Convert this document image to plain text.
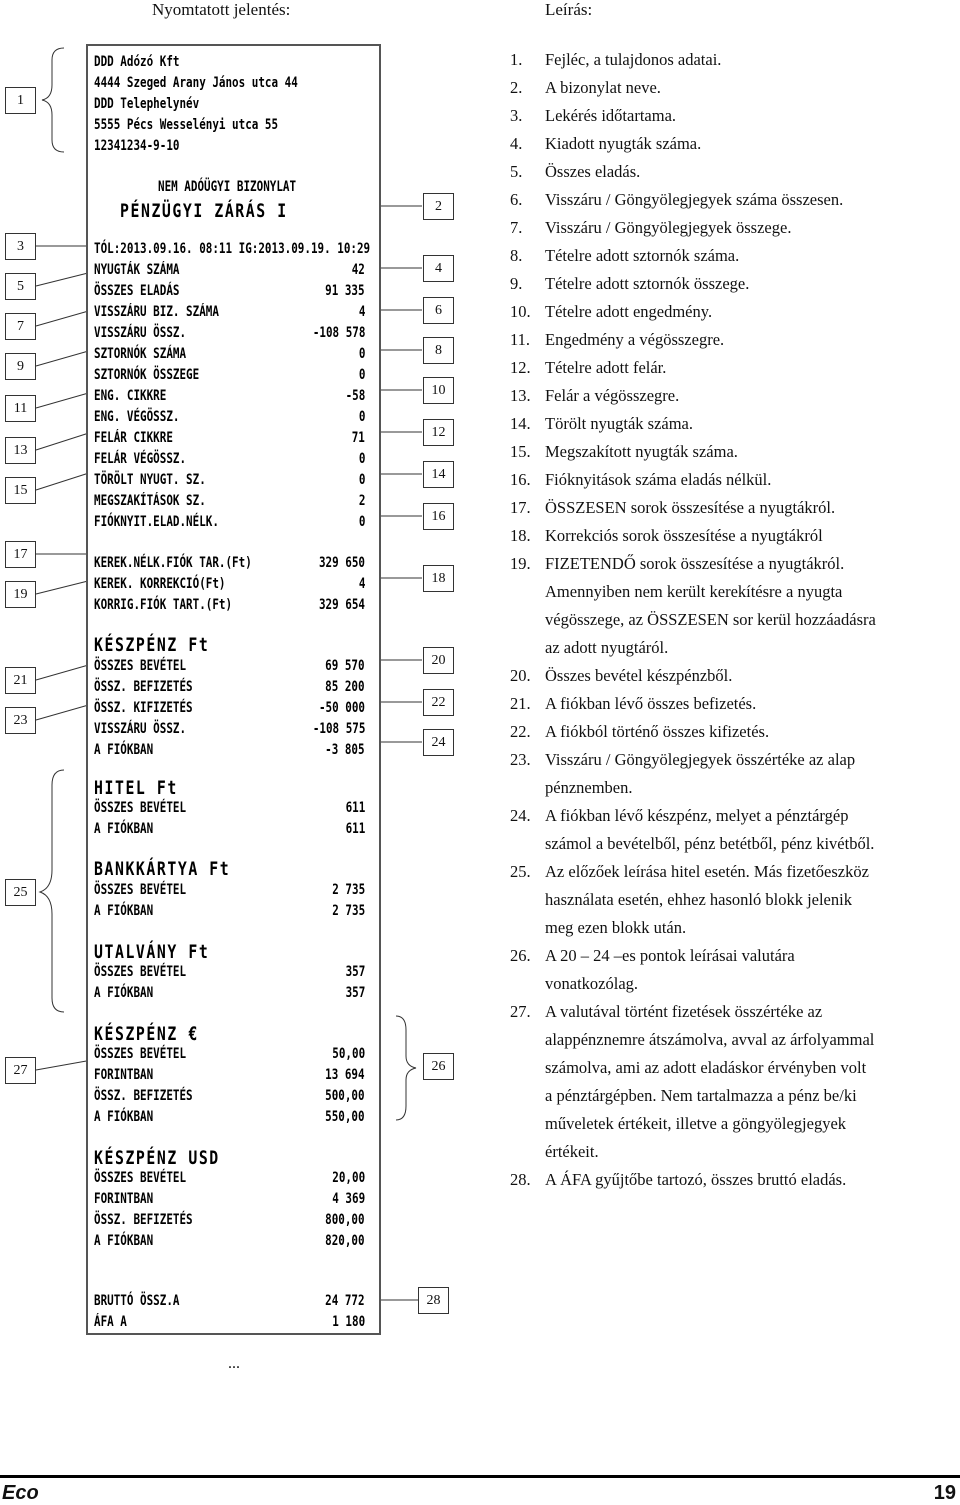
Nyomtatott jelentés:	Leírás:
1
3
5
7
9
11
13
15
17
19
21
23
25
27
2
4
6
8
10
12
14
16
18
20
22
24
26
28
DDD Adózó Kft
4444 Szeged Arany János utca 44
DDD Telephelynév
5555 Pécs Wesselényi utca 55
12341234-9-10
NEM ADÓÜGYI BIZONYLAT
PÉNZÜGYI ZÁRÁS I
TÓL:2013.09.16. 08:11 IG:2013.09.19. 10:29
NYUGTÁK SZÁMA	42
ÖSSZES ELADÁS	91 335
VISSZÁRU BIZ. SZÁMA	4
VISSZÁRU ÖSSZ.	-108 578
SZTORNÓK SZÁMA	0
SZTORNÓK ÖSSZEGE	0
ENG. CIKKRE	-58
ENG. VÉGÖSSZ.	0
FELÁR CIKKRE	71
FELÁR VÉGÖSSZ.	0
TÖRÖLT NYUGT. SZ.	0
MEGSZAKÍTÁSOK SZ.	2
FIÓKNYIT.ELAD.NÉLK.	0
KEREK.NÉLK.FIÓK TAR.(Ft)	329 650
KEREK. KORREKCIÓ(Ft)	4
KORRIG.FIÓK TART.(Ft)	329 654
KÉSZPÉNZ Ft
ÖSSZES BEVÉTEL	69 570
ÖSSZ. BEFIZETÉS	85 200
ÖSSZ. KIFIZETÉS	-50 000
VISSZÁRU ÖSSZ.	-108 575
A FIÓKBAN	-3 805
HITEL Ft
ÖSSZES BEVÉTEL	611
A FIÓKBAN	611
BANKKÁRTYA Ft
ÖSSZES BEVÉTEL	2 735
A FIÓKBAN	2 735
UTALVÁNY Ft
ÖSSZES BEVÉTEL	357
A FIÓKBAN	357
KÉSZPÉNZ €
ÖSSZES BEVÉTEL	50,00
FORINTBAN	13 694
ÖSSZ. BEFIZETÉS	500,00
A FIÓKBAN	550,00
KÉSZPÉNZ USD
ÖSSZES BEVÉTEL	20,00
FORINTBAN	4 369
ÖSSZ. BEFIZETÉS	800,00
A FIÓKBAN	820,00
BRUTTÓ ÖSSZ.A	24 772
ÁFA A	1 180
...
1. Fejléc, a tulajdonos adatai.
2. A bizonylat neve.
3. Lekérés időtartama.
4. Kiadott nyugták száma.
5. Összes eladás.
6. Visszáru / Göngyölegjegyek száma összesen.
7. Visszáru / Göngyölegjegyek összege.
8. Tételre adott sztornók száma.
9. Tételre adott sztornók összege.
10. Tételre adott engedmény.
11. Engedmény a végösszegre.
12. Tételre adott felár.
13. Felár a végösszegre.
14. Törölt nyugták száma.
15. Megszakított nyugták száma.
16. Fióknyitások száma eladás nélkül.
17. ÖSSZESEN sorok összesítése a nyugtákról.
18. Korrekciós sorok összesítése a nyugtákról
19. FIZETENDŐ sorok összesítése a nyugtákról.
Amennyiben nem került kerekítésre a nyugta
végösszege, az ÖSSZESEN sor kerül hozzáadásra
az adott nyugtáról.
20. Összes bevétel készpénzből.
21. A fiókban lévő összes befizetés.
22. A fiókból történő összes kifizetés.
23. Visszáru / Göngyölegjegyek összértéke az alap
pénznemben.
24. A fiókban lévő készpénz, melyet a pénztárgép
számol a bevételből, pénz betétből, pénz kivétből.
25. Az előzőek leírása hitel esetén. Más fizetőeszköz
használata esetén, ehhez hasonló blokk jelenik
meg ezen blokk után.
26. A 20 – 24 –es pontok leírásai valutára
vonatkozólag.
27. A valutával történt fizetések összértéke az
alappénznemre átszámolva, avval az árfolyammal
számolva, ami az adott eladáskor érvényben volt
a pénztárgépben. Nem tartalmazza a pénz be/ki
műveletek értékeit, illetve a göngyölegjegyek
értékeit.
28. A ÁFA gyűjtőbe tartozó, összes bruttó eladás.
Eco	19
